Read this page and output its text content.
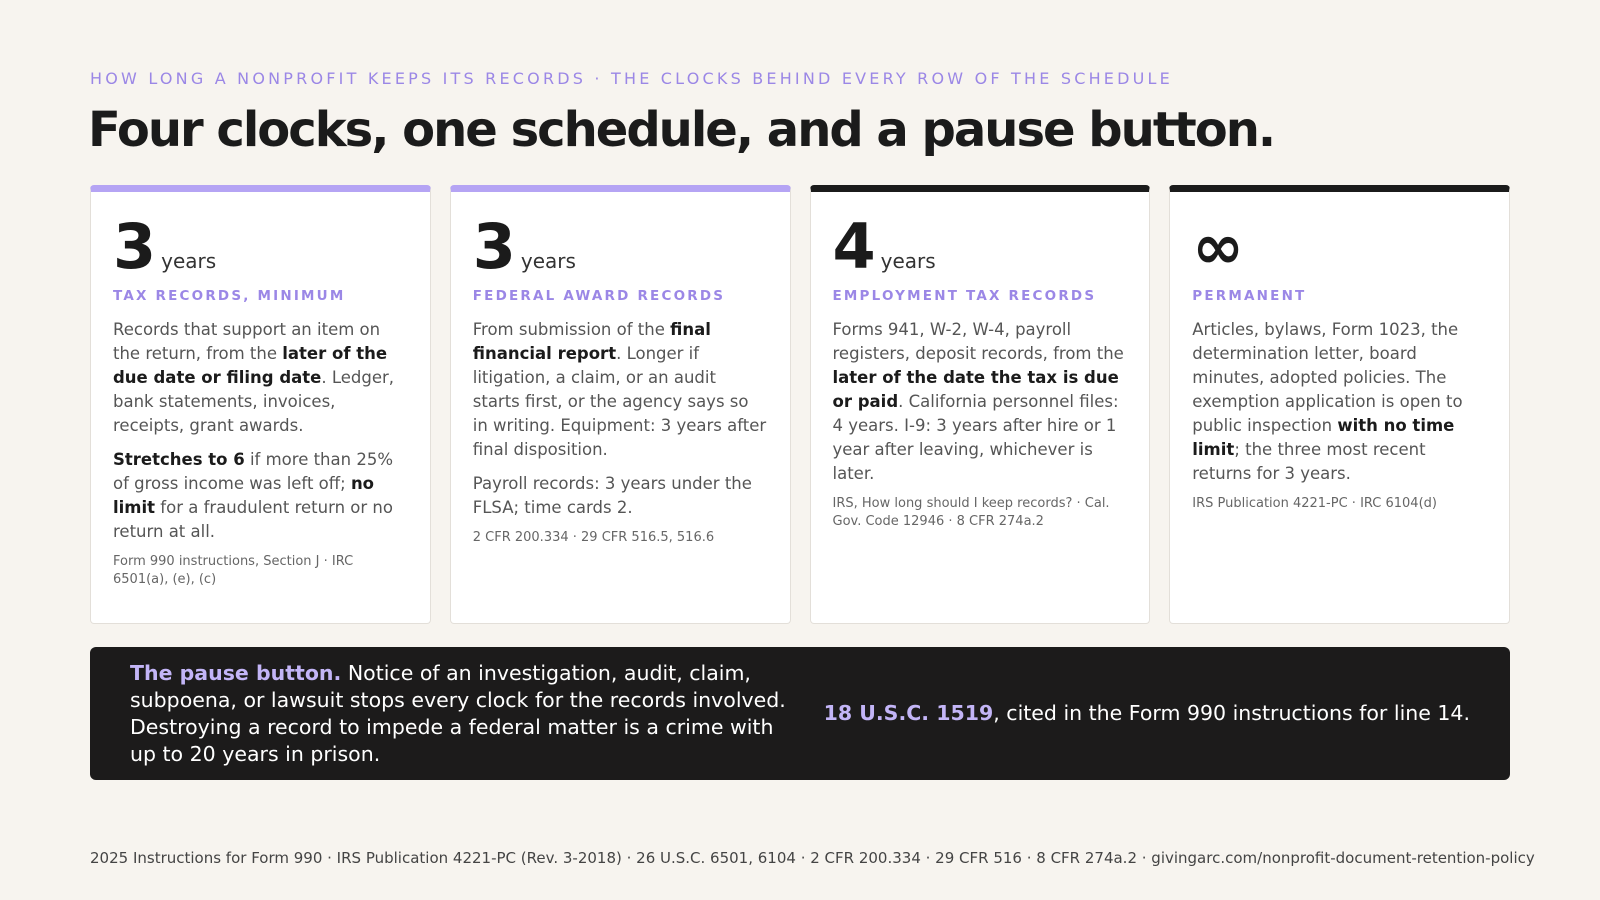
HOW LONG A NONPROFIT KEEPS ITS RECORDS · THE CLOCKS BEHIND EVERY ROW OF THE SCHEDULE
Four clocks, one schedule, and a pause button.
3 years
TAX RECORDS, MINIMUM

Records that support an item on the return, from the later of the due date or filing date. Ledger, bank statements, invoices, receipts, grant awards.

Stretches to 6 if more than 25% of gross income was left off; no limit for a fraudulent return or no return at all.

Form 990 instructions, Section J · IRC 6501(a), (e), (c)
3 years
FEDERAL AWARD RECORDS

From submission of the final financial report. Longer if litigation, a claim, or an audit starts first, or the agency says so in writing. Equipment: 3 years after final disposition.

Payroll records: 3 years under the FLSA; time cards 2.

2 CFR 200.334 · 29 CFR 516.5, 516.6
4 years
EMPLOYMENT TAX RECORDS

Forms 941, W-2, W-4, payroll registers, deposit records, from the later of the date the tax is due or paid. California personnel files: 4 years. I-9: 3 years after hire or 1 year after leaving, whichever is later.

IRS, How long should I keep records? · Cal. Gov. Code 12946 · 8 CFR 274a.2
∞
PERMANENT

Articles, bylaws, Form 1023, the determination letter, board minutes, adopted policies. The exemption application is open to public inspection with no time limit; the three most recent returns for 3 years.

IRS Publication 4221-PC · IRC 6104(d)
The pause button. Notice of an investigation, audit, claim, subpoena, or lawsuit stops every clock for the records involved. Destroying a record to impede a federal matter is a crime with up to 20 years in prison.
18 U.S.C. 1519, cited in the Form 990 instructions for line 14.
2025 Instructions for Form 990 · IRS Publication 4221-PC (Rev. 3-2018) · 26 U.S.C. 6501, 6104 · 2 CFR 200.334 · 29 CFR 516 · 8 CFR 274a.2 · givingarc.com/nonprofit-document-retention-policy
